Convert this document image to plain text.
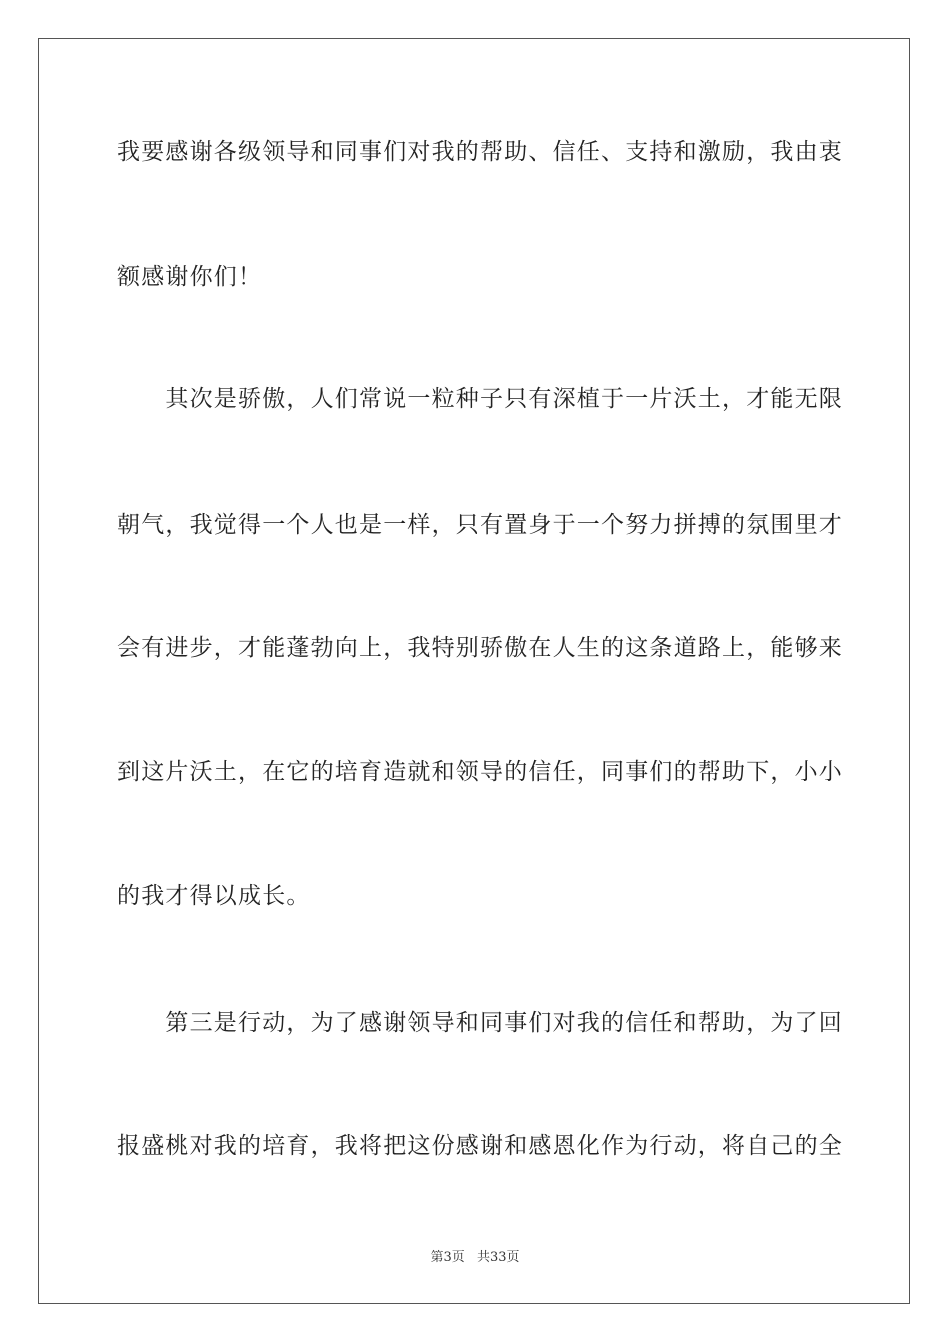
我要感谢各级领导和同事们对我的帮助、信任、支持和激励，我由衷
额感谢你们！
　　其次是骄傲，人们常说一粒种子只有深植于一片沃土，才能无限
朝气，我觉得一个人也是一样，只有置身于一个努力拼搏的氛围里才
会有进步，才能蓬勃向上，我特别骄傲在人生的这条道路上，能够来
到这片沃土，在它的培育造就和领导的信任，同事们的帮助下，小小
的我才得以成长。
　　第三是行动，为了感谢领导和同事们对我的信任和帮助，为了回
报盛桃对我的培育，我将把这份感谢和感恩化作为行动，将自己的全
第3页 共33页
